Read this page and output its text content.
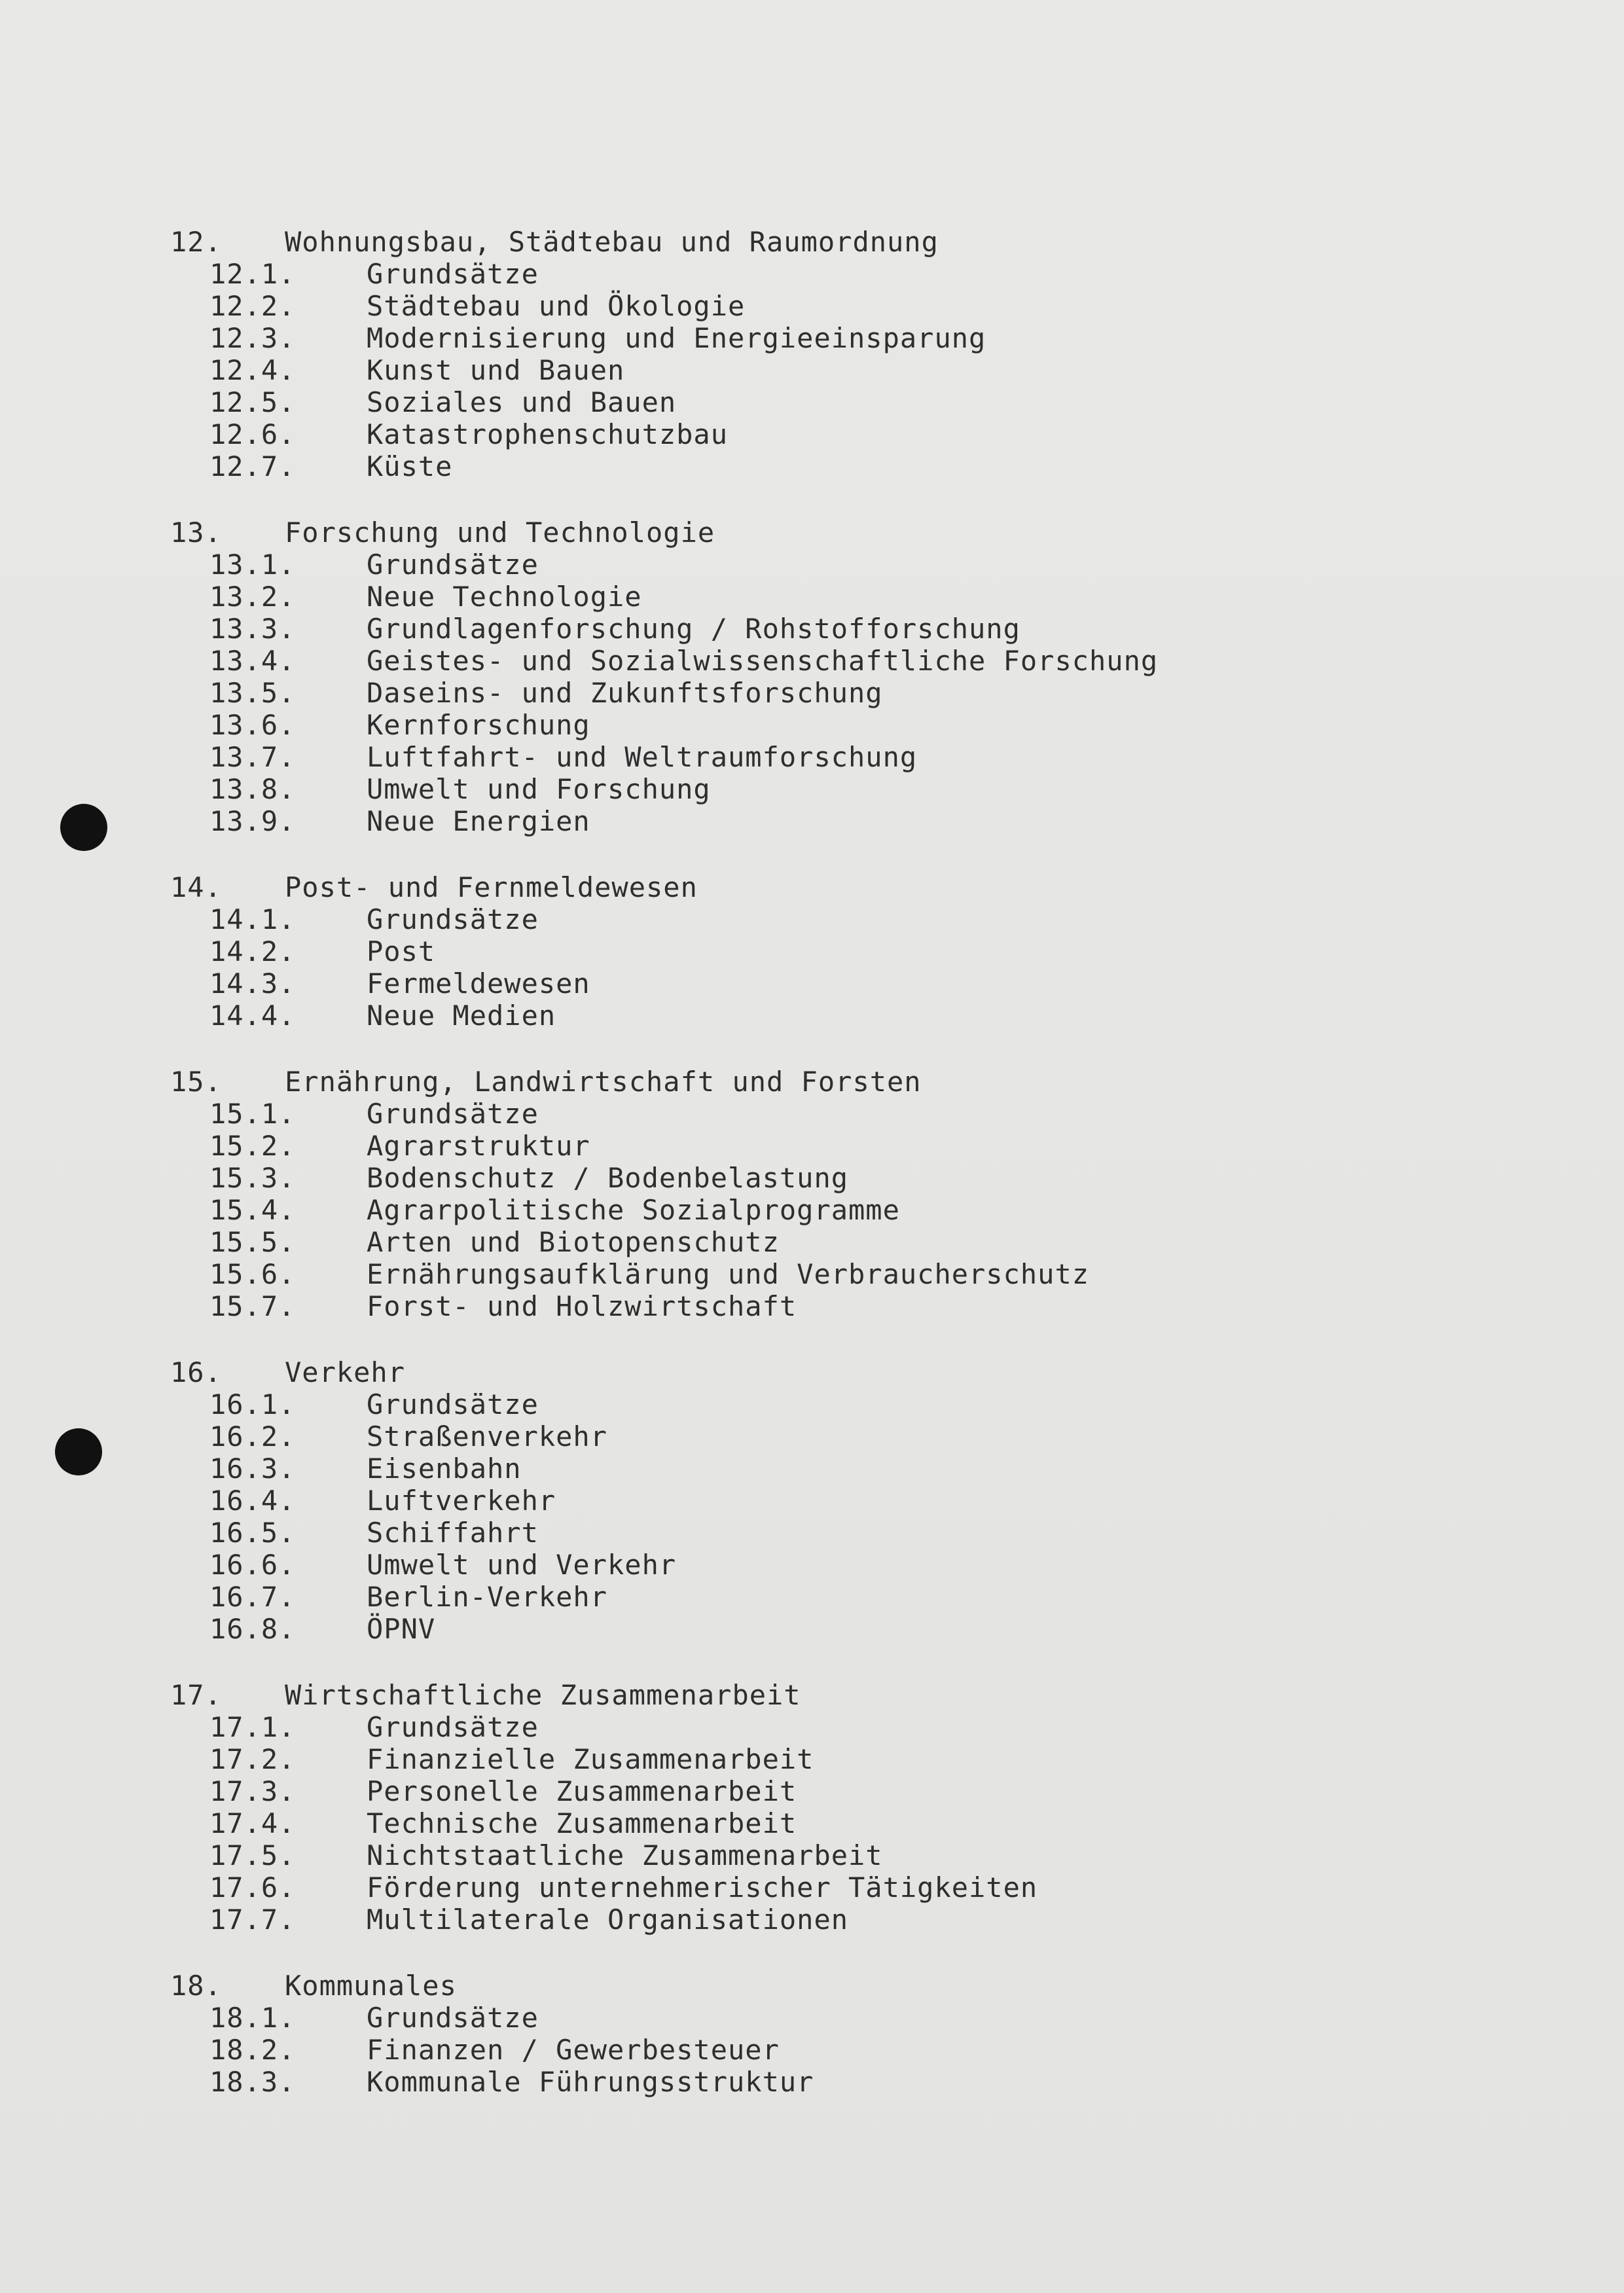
12.	Wohnungsbau, Städtebau und Raumordnung
12.1.	Grundsätze
12.2.	Städtebau und Ökologie
12.3.	Modernisierung und Energieeinsparung
12.4.	Kunst und Bauen
12.5.	Soziales und Bauen
12.6.	Katastrophenschutzbau
12.7.	Küste
13.	Forschung und Technologie
13.1.	Grundsätze
13.2.	Neue Technologie
13.3.	Grundlagenforschung / Rohstofforschung
13.4.	Geistes- und Sozialwissenschaftliche Forschung
13.5.	Daseins- und Zukunftsforschung
13.6.	Kernforschung
13.7.	Luftfahrt- und Weltraumforschung
13.8.	Umwelt und Forschung
13.9.	Neue Energien
14.	Post- und Fernmeldewesen
14.1.	Grundsätze
14.2.	Post
14.3.	Fermeldewesen
14.4.	Neue Medien
15.	Ernährung, Landwirtschaft und Forsten
15.1.	Grundsätze
15.2.	Agrarstruktur
15.3.	Bodenschutz / Bodenbelastung
15.4.	Agrarpolitische Sozialprogramme
15.5.	Arten und Biotopenschutz
15.6.	Ernährungsaufklärung und Verbraucherschutz
15.7.	Forst- und Holzwirtschaft
16.	Verkehr
16.1.	Grundsätze
16.2.	Straßenverkehr
16.3.	Eisenbahn
16.4.	Luftverkehr
16.5.	Schiffahrt
16.6.	Umwelt und Verkehr
16.7.	Berlin-Verkehr
16.8.	ÖPNV
17.	Wirtschaftliche Zusammenarbeit
17.1.	Grundsätze
17.2.	Finanzielle Zusammenarbeit
17.3.	Personelle Zusammenarbeit
17.4.	Technische Zusammenarbeit
17.5.	Nichtstaatliche Zusammenarbeit
17.6.	Förderung unternehmerischer Tätigkeiten
17.7.	Multilaterale Organisationen
18.	Kommunales
18.1.	Grundsätze
18.2.	Finanzen / Gewerbesteuer
18.3.	Kommunale Führungsstruktur
